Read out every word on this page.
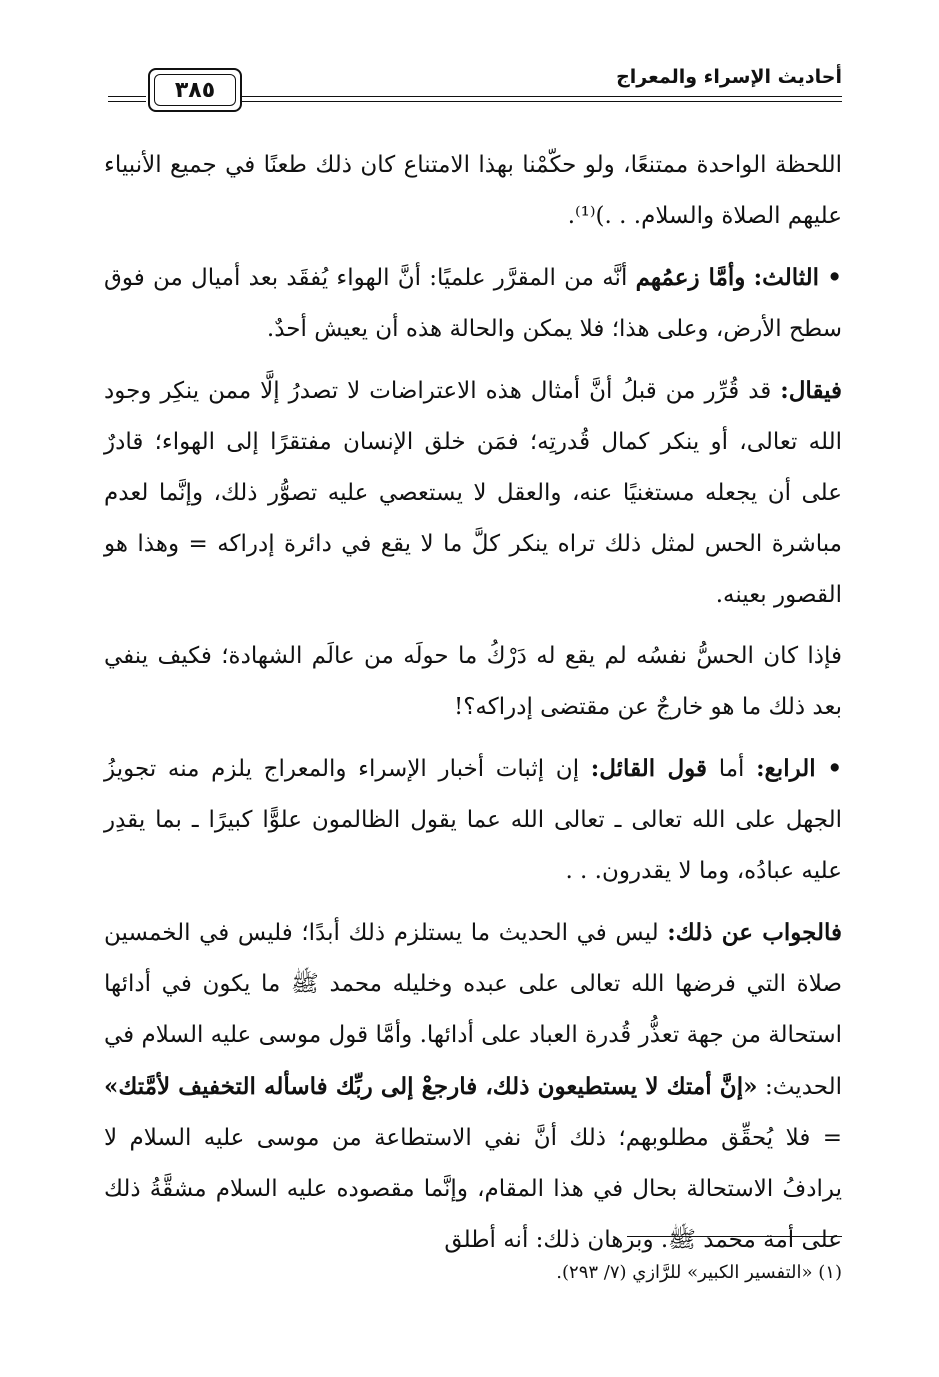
أحاديث الإسراء والمعراج
٣٨٥

اللحظة الواحدة ممتنعًا، ولو حكّمْنا بهذا الامتناع كان ذلك طعنًا في جميع الأنبياء عليهم الصلاة والسلام. . .)⁽¹⁾.

• الثالث: وأمَّا زعمُهم أنَّه من المقرَّر علميًا: أنَّ الهواء يُفقَد بعد أميال من فوق سطح الأرض، وعلى هذا؛ فلا يمكن والحالة هذه أن يعيش أحدٌ.

فيقال: قد قُرِّر من قبلُ أنَّ أمثال هذه الاعتراضات لا تصدرُ إلَّا ممن ينكِر وجود الله تعالى، أو ينكر كمال قُدرتِه؛ فمَن خلق الإنسان مفتقرًا إلى الهواء؛ قادرٌ على أن يجعله مستغنيًا عنه، والعقل لا يستعصي عليه تصوُّر ذلك، وإنَّما لعدم مباشرة الحس لمثل ذلك تراه ينكر كلَّ ما لا يقع في دائرة إدراكه = وهذا هو القصور بعينه.

فإذا كان الحسُّ نفسُه لم يقع له دَرْكُ ما حولَه من عالَم الشهادة؛ فكيف ينفي بعد ذلك ما هو خارجٌ عن مقتضى إدراكه؟!

• الرابع: أما قول القائل: إن إثبات أخبار الإسراء والمعراج يلزم منه تجويزُ الجهل على الله تعالى ـ تعالى الله عما يقول الظالمون علوًّا كبيرًا ـ بما يقدِر عليه عبادُه، وما لا يقدرون. . .

فالجواب عن ذلك: ليس في الحديث ما يستلزم ذلك أبدًا؛ فليس في الخمسين صلاة التي فرضها الله تعالى على عبده وخليله محمد ﷺ ما يكون في أدائها استحالة من جهة تعذُّر قُدرة العباد على أدائها. وأمَّا قول موسى عليه السلام في الحديث: «إنَّ أمتك لا يستطيعون ذلك، فارجعْ إلى ربِّك فاسأله التخفيف لأمَّتك» = فلا يُحقِّق مطلوبهم؛ ذلك أنَّ نفي الاستطاعة من موسى عليه السلام لا يرادفُ الاستحالة بحال في هذا المقام، وإنَّما مقصوده عليه السلام مشقَّةُ ذلك على أمة محمد ﷺ. وبرهان ذلك: أنه أطلق

(١) «التفسير الكبير» للرَّازي (٧/ ٢٩٣).
